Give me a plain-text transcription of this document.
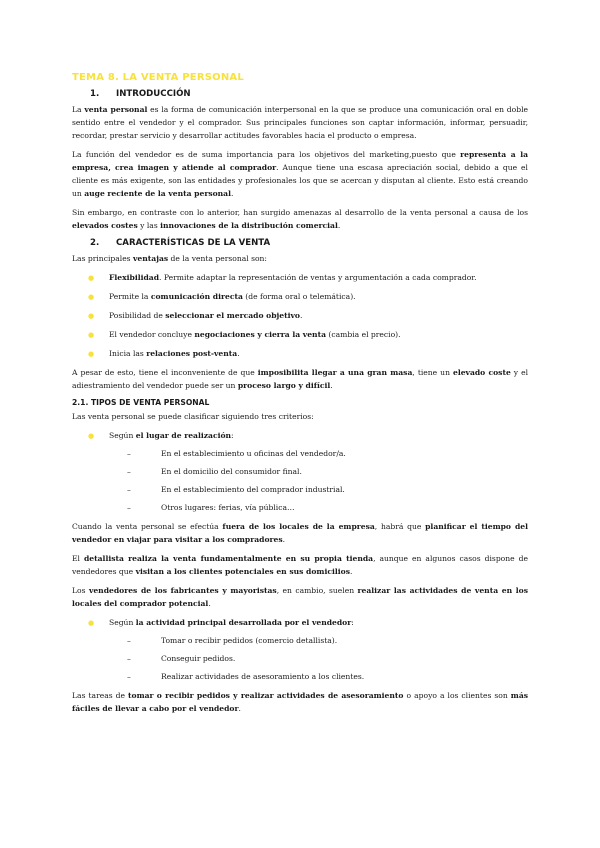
TEMA 8. LA VENTA PERSONAL
1.	INTRODUCCIÓN

La venta personal es la forma de comunicación interpersonal en la que se produce una comunicación oral en doble sentido entre el vendedor y el comprador. Sus principales funciones son captar información, informar, persuadir, recordar, prestar servicio y desarrollar actitudes favorables hacia el producto o empresa.

La función del vendedor es de suma importancia para los objetivos del marketing,puesto que representa a la empresa, crea imagen y atiende al comprador. Aunque tiene una escasa apreciación social, debido a que el cliente es más exigente, son las entidades y profesionales los que se acercan y disputan al cliente. Esto está creando un auge reciente de la venta personal.

Sin embargo, en contraste con lo anterior, han surgido amenazas al desarrollo de la venta personal a causa de los elevados costes y las innovaciones de la distribución comercial.

2.	CARACTERÍSTICAS DE LA VENTA

Las principales ventajas de la venta personal son:

● Flexibilidad. Permite adaptar la representación de ventas y argumentación a cada comprador.
● Permite la comunicación directa (de forma oral o telemática).
● Posibilidad de seleccionar el mercado objetivo.
● El vendedor concluye negociaciones y cierra la venta (cambia el precio).
● Inicia las relaciones post-venta.

A pesar de esto, tiene el inconveniente de que imposibilita llegar a una gran masa, tiene un elevado coste y el adiestramiento del vendedor puede ser un proceso largo y difícil.

2.1. TIPOS DE VENTA PERSONAL

Las venta personal se puede clasificar siguiendo tres criterios:

● Según el lugar de realización:
–	En el establecimiento u oficinas del vendedor/a.
–	En el domicilio del consumidor final.
–	En el establecimiento del comprador industrial.
–	Otros lugares: ferias, vía pública…

Cuando la venta personal se efectúa fuera de los locales de la empresa, habrá que planificar el tiempo del vendedor en viajar para visitar a los compradores.

El detallista realiza la venta fundamentalmente en su propia tienda, aunque en algunos casos dispone de vendedores que visitan a los clientes potenciales en sus domicilios.

Los vendedores de los fabricantes y mayoristas, en cambio, suelen realizar las actividades de venta en los locales del comprador potencial.

● Según la actividad principal desarrollada por el vendedor:
–	Tomar o recibir pedidos (comercio detallista).
–	Conseguir pedidos.
–	Realizar actividades de asesoramiento a los clientes.

Las tareas de tomar o recibir pedidos y realizar actividades de asesoramiento o apoyo a los clientes son más fáciles de llevar a cabo por el vendedor.
